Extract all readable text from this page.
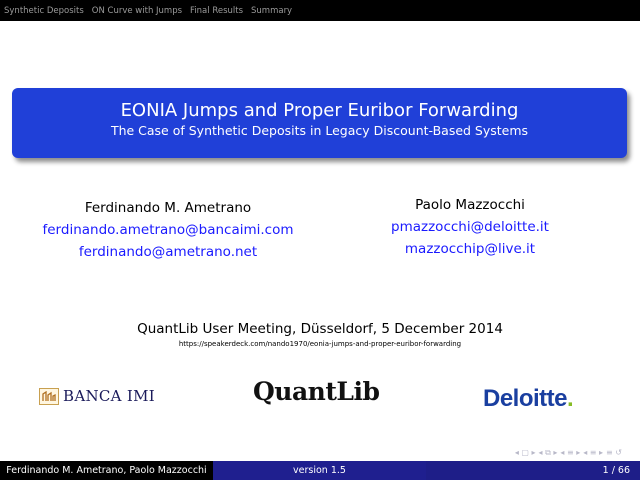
Synthetic Deposits ON Curve with Jumps Final Results Summary
EONIA Jumps and Proper Euribor Forwarding
The Case of Synthetic Deposits in Legacy Discount-Based Systems
Ferdinando M. Ametrano
ferdinando.ametrano@bancaimi.com
ferdinando@ametrano.net
Paolo Mazzocchi
pmazzocchi@deloitte.it
mazzocchip@live.it
QuantLib User Meeting, Düsseldorf, 5 December 2014
https://speakerdeck.com/nando1970/eonia-jumps-and-proper-euribor-forwarding
BANCA IMI	QuantLib	Deloitte.
◂ ▢ ▸ ◂ ⧉ ▸ ◂ ≡ ▸ ◂ ≡ ▸ ≡ ↺
Ferdinando M. Ametrano, Paolo Mazzocchi	version 1.5	1 / 66
